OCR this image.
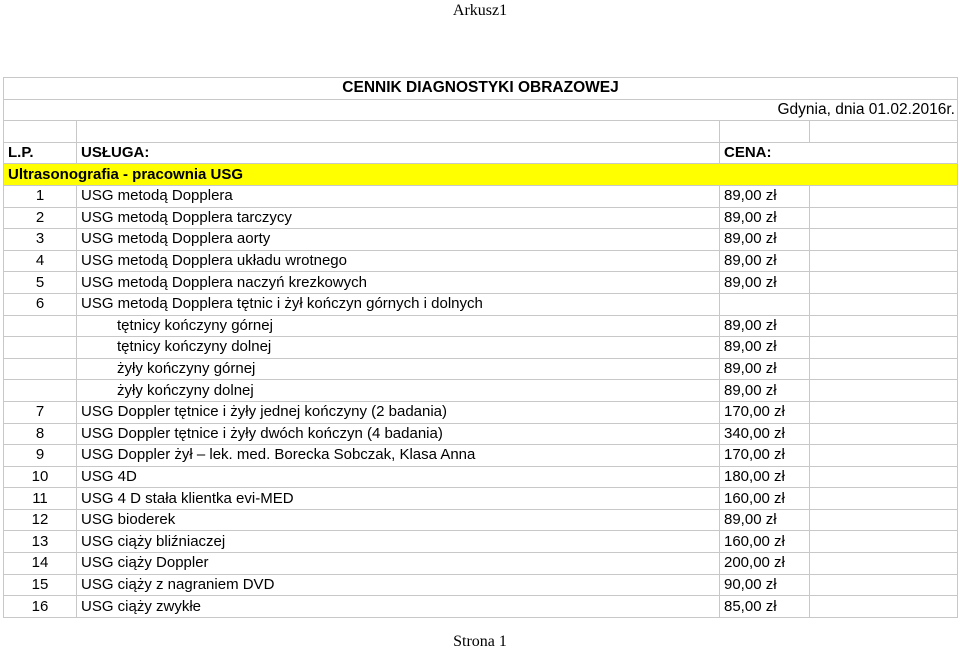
Arkusz1
CENNIK DIAGNOSTYKI OBRAZOWEJ			
Gdynia, dnia 01.02.2016r.			

L.P.	USŁUGA:	CENA:	
Ultrasonografia - pracownia USG			
1	USG metodą Dopplera	89,00 zł	
2	USG metodą Dopplera tarczycy	89,00 zł	
3	USG metodą Dopplera aorty	89,00 zł	
4	USG metodą Dopplera układu wrotnego	89,00 zł	
5	USG metodą Dopplera naczyń krezkowych	89,00 zł	
6	USG metodą Dopplera tętnic i żył kończyn górnych i dolnych		
	tętnicy kończyny górnej	89,00 zł	
	tętnicy kończyny dolnej	89,00 zł	
	żyły kończyny górnej	89,00 zł	
	żyły kończyny dolnej	89,00 zł	
7	USG Doppler tętnice i żyły jednej kończyny (2 badania)	170,00 zł	
8	USG Doppler tętnice i żyły dwóch kończyn (4 badania)	340,00 zł	
9	USG Doppler żył – lek. med. Borecka Sobczak, Klasa Anna	170,00 zł	
10	USG 4D	180,00 zł	
11	USG 4 D stała klientka evi-MED	160,00 zł	
12	USG bioderek	89,00 zł	
13	USG ciąży bliźniaczej	160,00 zł	
14	USG ciąży Doppler	200,00 zł	
15	USG ciąży z nagraniem DVD	90,00 zł	
16	USG ciąży zwykłe	85,00 zł	
Strona 1
